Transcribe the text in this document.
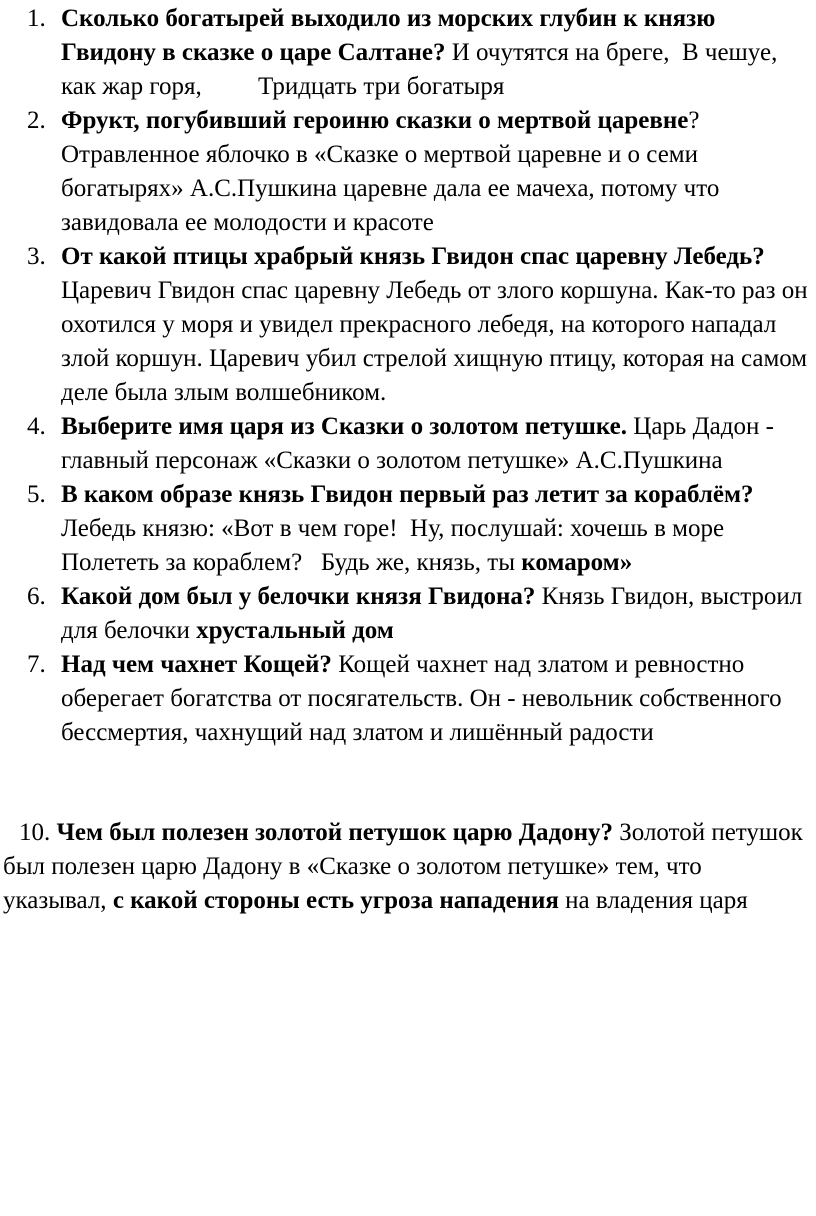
1. Сколько богатырей выходило из морских глубин к князю Гвидону в сказке о царе Салтане? И очутятся на бреге,  В чешуе, как жар горя,         Тридцать три богатыря
2. Фрукт, погубивший героиню сказки о мертвой царевне? Отравленное яблочко в «Сказке о мертвой царевне и о семи богатырях» А.С.Пушкина царевне дала ее мачеха, потому что завидовала ее молодости и красоте
3. От какой птицы храбрый князь Гвидон спас царевну Лебедь? Царевич Гвидон спас царевну Лебедь от злого коршуна. Как-то раз он охотился у моря и увидел прекрасного лебедя, на которого нападал злой коршун. Царевич убил стрелой хищную птицу, которая на самом деле была злым волшебником.
4. Выберите имя царя из Сказки о золотом петушке. Царь Дадон - главный персонаж «Сказки о золотом петушке» А.С.Пушкина
5. В каком образе князь Гвидон первый раз летит за кораблём? Лебедь князю: «Вот в чем горе!  Ну, послушай: хочешь в море Полететь за кораблем?   Будь же, князь, ты комаром»
6. Какой дом был у белочки князя Гвидона? Князь Гвидон, выстроил для белочки хрустальный дом
7. Над чем чахнет Кощей? Кощей чахнет над златом и ревностно оберегает богатства от посягательств. Он - невольник собственного бессмертия, чахнущий над златом и лишённый радости

10. Чем был полезен золотой петушок царю Дадону? Золотой петушок был полезен царю Дадону в «Сказке о золотом петушке» тем, что указывал, с какой стороны есть угроза нападения на владения царя
